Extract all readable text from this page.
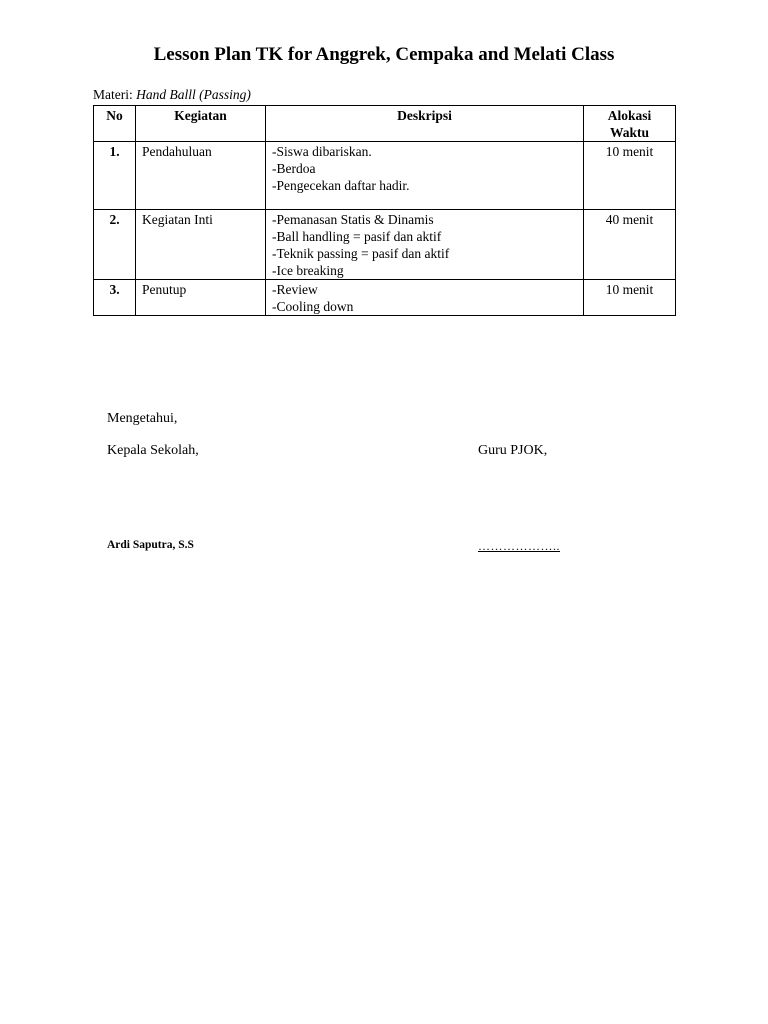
Lesson Plan TK for Anggrek, Cempaka and Melati Class
Materi: Hand Balll (Passing)
No	Kegiatan	Deskripsi	Alokasi
Waktu

1.	Pendahuluan	-Siswa dibariskan.
-Berdoa
-Pengecekan daftar hadir.	10 menit
2.	Kegiatan Inti	-Pemanasan Statis & Dinamis
-Ball handling = pasif dan aktif
-Teknik passing = pasif dan aktif
-Ice breaking	40 menit
3.	Penutup	-Review
-Cooling down	10 menit
Mengetahui,
Kepala Sekolah,	Guru PJOK,
Ardi Saputra, S.S	………………..
